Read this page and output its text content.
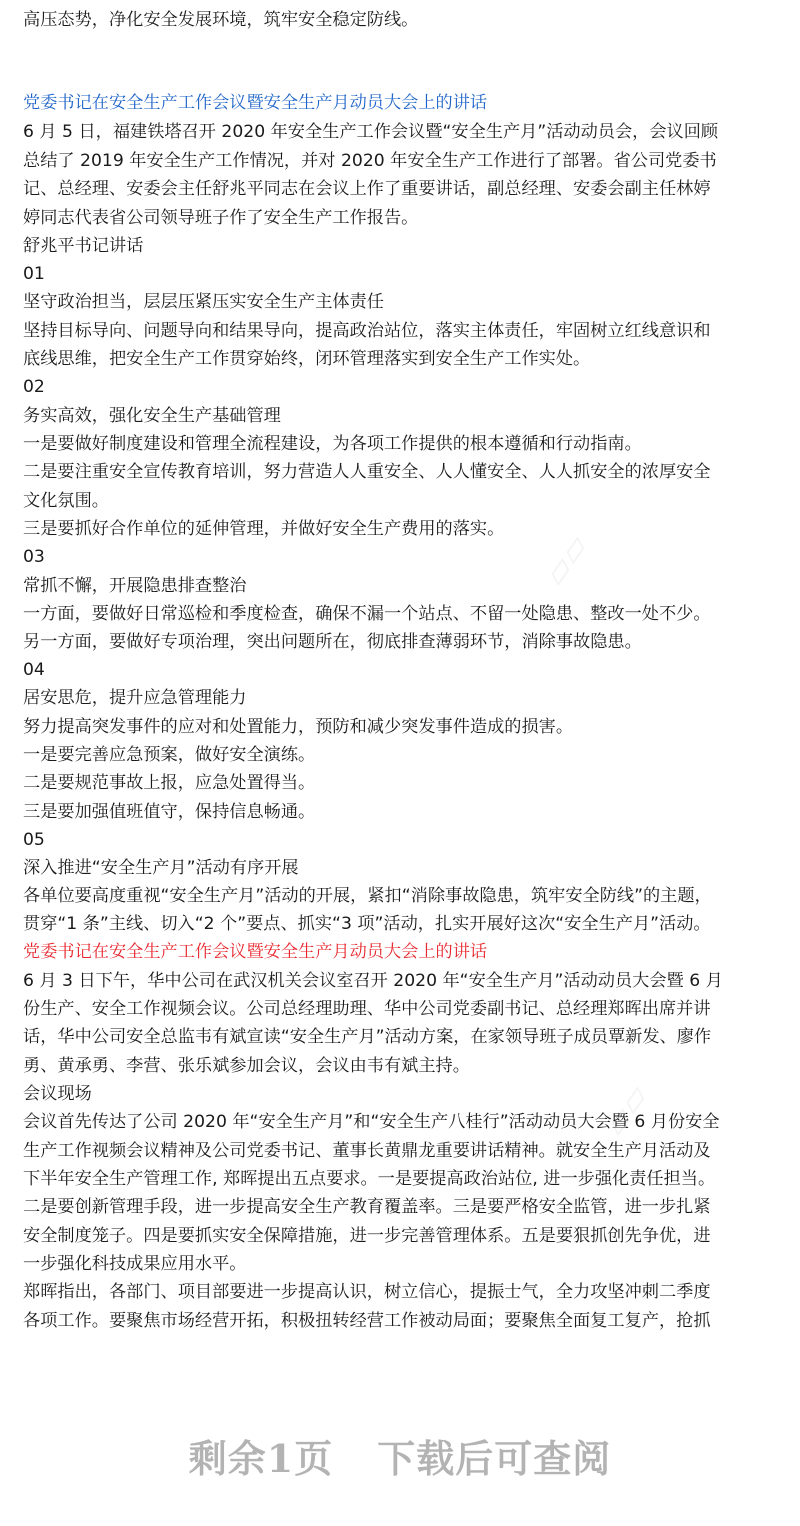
高压态势，净化安全发展环境，筑牢安全稳定防线。
党委书记在安全生产工作会议暨安全生产月动员大会上的讲话
6 月 5 日，福建铁塔召开 2020 年安全生产工作会议暨“安全生产月”活动动员会，会议回顾
总结了 2019 年安全生产工作情况，并对 2020 年安全生产工作进行了部署。省公司党委书
记、总经理、安委会主任舒兆平同志在会议上作了重要讲话，副总经理、安委会副主任林婷
婷同志代表省公司领导班子作了安全生产工作报告。
舒兆平书记讲话
01
坚守政治担当，层层压紧压实安全生产主体责任
坚持目标导向、问题导向和结果导向，提高政治站位，落实主体责任，牢固树立红线意识和
底线思维，把安全生产工作贯穿始终，闭环管理落实到安全生产工作实处。
02
务实高效，强化安全生产基础管理
一是要做好制度建设和管理全流程建设，为各项工作提供的根本遵循和行动指南。
二是要注重安全宣传教育培训，努力营造人人重安全、人人懂安全、人人抓安全的浓厚安全
文化氛围。
三是要抓好合作单位的延伸管理，并做好安全生产费用的落实。
03
常抓不懈，开展隐患排查整治
一方面，要做好日常巡检和季度检查，确保不漏一个站点、不留一处隐患、整改一处不少。
另一方面，要做好专项治理，突出问题所在，彻底排查薄弱环节，消除事故隐患。
04
居安思危，提升应急管理能力
努力提高突发事件的应对和处置能力，预防和减少突发事件造成的损害。
一是要完善应急预案，做好安全演练。
二是要规范事故上报，应急处置得当。
三是要加强值班值守，保持信息畅通。
05
深入推进“安全生产月”活动有序开展
各单位要高度重视“安全生产月”活动的开展，紧扣“消除事故隐患，筑牢安全防线”的主题，
贯穿“1 条”主线、切入“2 个”要点、抓实“3 项”活动，扎实开展好这次“安全生产月”活动。
党委书记在安全生产工作会议暨安全生产月动员大会上的讲话
6 月 3 日下午，华中公司在武汉机关会议室召开 2020 年“安全生产月”活动动员大会暨 6 月
份生产、安全工作视频会议。公司总经理助理、华中公司党委副书记、总经理郑晖出席并讲
话，华中公司安全总监韦有斌宣读“安全生产月”活动方案，在家领导班子成员覃新发、廖作
勇、黄承勇、李营、张乐斌参加会议，会议由韦有斌主持。
会议现场
会议首先传达了公司 2020 年“安全生产月”和“安全生产八桂行”活动动员大会暨 6 月份安全
生产工作视频会议精神及公司党委书记、董事长黄鼎龙重要讲话精神。就安全生产月活动及
下半年安全生产管理工作, 郑晖提出五点要求。一是要提高政治站位, 进一步强化责任担当。
二是要创新管理手段，进一步提高安全生产教育覆盖率。三是要严格安全监管，进一步扎紧
安全制度笼子。四是要抓实安全保障措施，进一步完善管理体系。五是要狠抓创先争优，进
一步强化科技成果应用水平。
郑晖指出，各部门、项目部要进一步提高认识，树立信心，提振士气，全力攻坚冲刺二季度
各项工作。要聚焦市场经营开拓，积极扭转经营工作被动局面；要聚焦全面复工复产，抢抓
剩余1页 下载后可查阅
